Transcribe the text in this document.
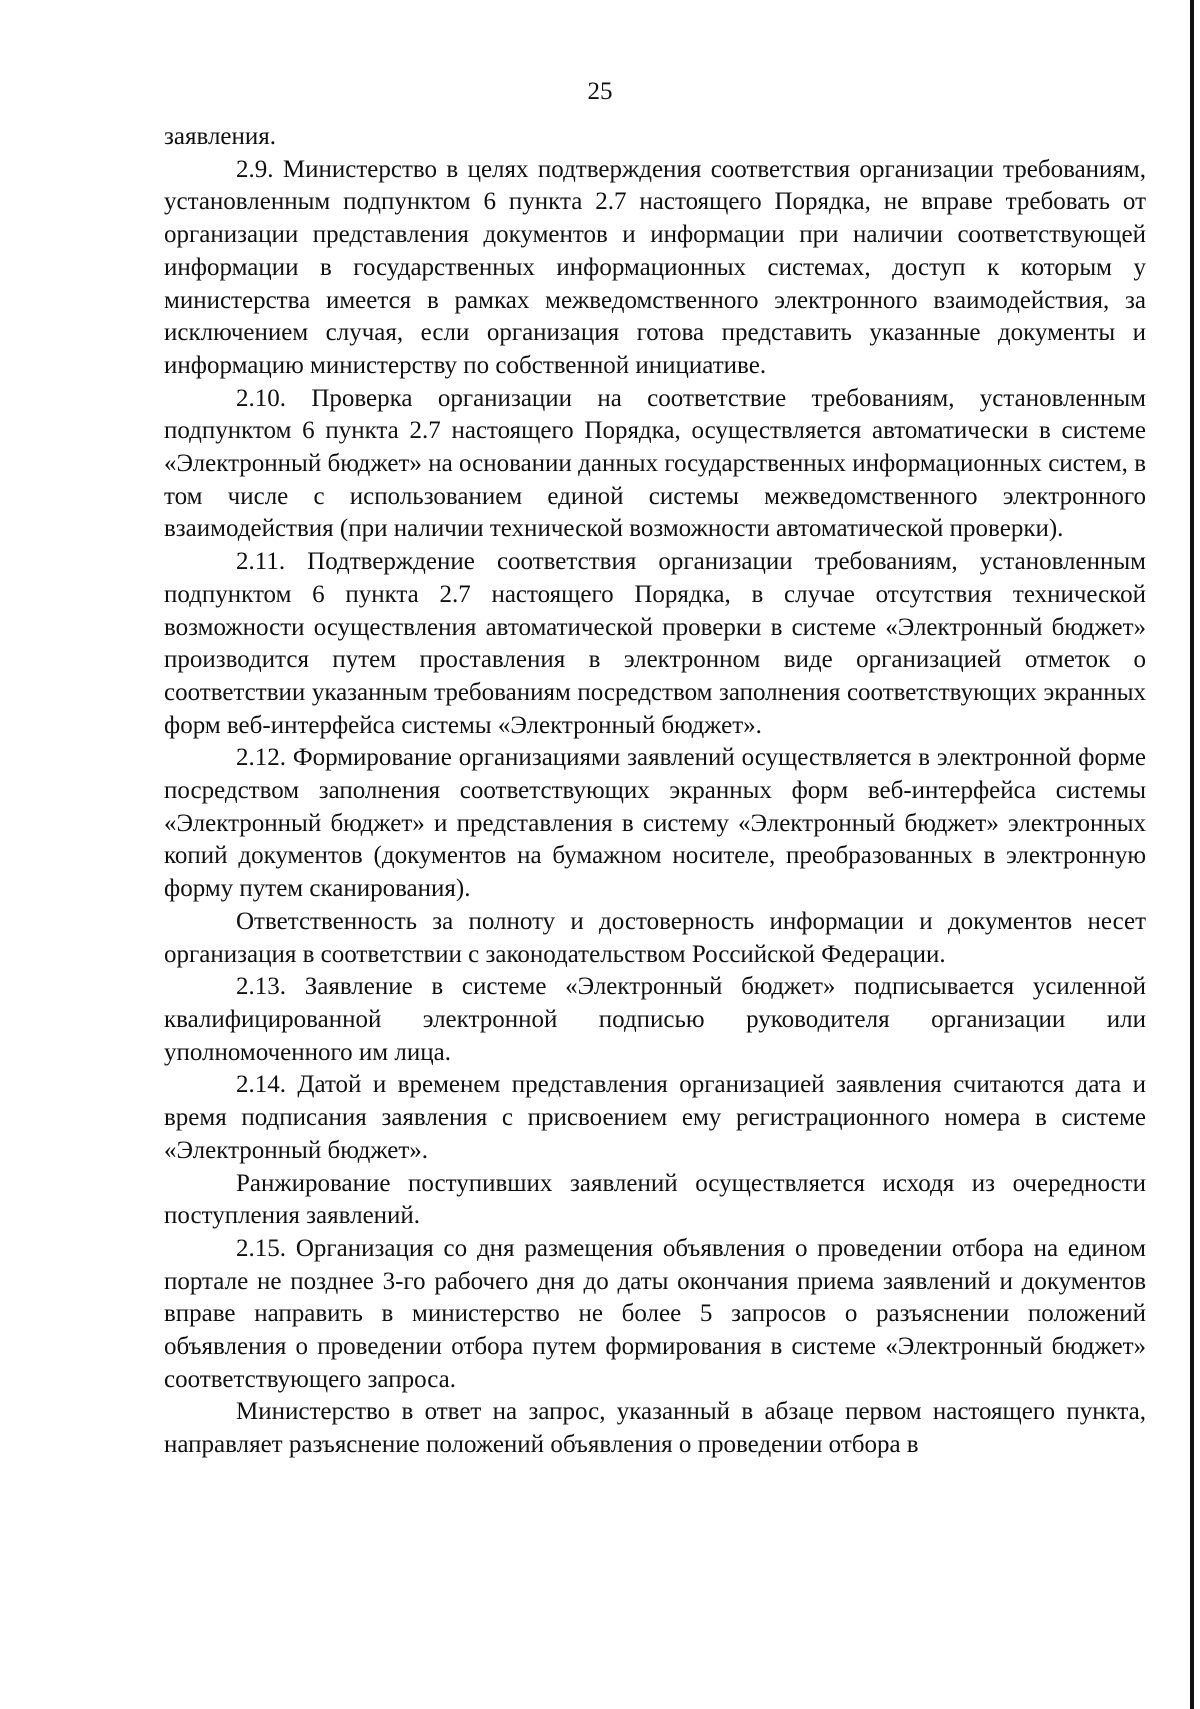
25

заявления.

2.9. Министерство в целях подтверждения соответствия организации требованиям, установленным подпунктом 6 пункта 2.7 настоящего Порядка, не вправе требовать от организации представления документов и информации при наличии соответствующей информации в государственных информационных системах, доступ к которым у министерства имеется в рамках межведомственного электронного взаимодействия, за исключением случая, если организация готова представить указанные документы и информацию министерству по собственной инициативе.

2.10. Проверка организации на соответствие требованиям, установленным подпунктом 6 пункта 2.7 настоящего Порядка, осуществляется автоматически в системе «Электронный бюджет» на основании данных государственных информационных систем, в том числе с использованием единой системы межведомственного электронного взаимодействия (при наличии технической возможности автоматической проверки).

2.11. Подтверждение соответствия организации требованиям, установленным подпунктом 6 пункта 2.7 настоящего Порядка, в случае отсутствия технической возможности осуществления автоматической проверки в системе «Электронный бюджет» производится путем проставления в электронном виде организацией отметок о соответствии указанным требованиям посредством заполнения соответствующих экранных форм веб-интерфейса системы «Электронный бюджет».

2.12. Формирование организациями заявлений осуществляется в электронной форме посредством заполнения соответствующих экранных форм веб-интерфейса системы «Электронный бюджет» и представления в систему «Электронный бюджет» электронных копий документов (документов на бумажном носителе, преобразованных в электронную форму путем сканирования).

Ответственность за полноту и достоверность информации и документов несет организация в соответствии с законодательством Российской Федерации.

2.13. Заявление в системе «Электронный бюджет» подписывается усиленной квалифицированной электронной подписью руководителя организации или уполномоченного им лица.

2.14. Датой и временем представления организацией заявления считаются дата и время подписания заявления с присвоением ему регистрационного номера в системе «Электронный бюджет».

Ранжирование поступивших заявлений осуществляется исходя из очередности поступления заявлений.

2.15. Организация со дня размещения объявления о проведении отбора на едином портале не позднее 3-го рабочего дня до даты окончания приема заявлений и документов вправе направить в министерство не более 5 запросов о разъяснении положений объявления о проведении отбора путем формирования в системе «Электронный бюджет» соответствующего запроса.

Министерство в ответ на запрос, указанный в абзаце первом настоящего пункта, направляет разъяснение положений объявления о проведении отбора в
